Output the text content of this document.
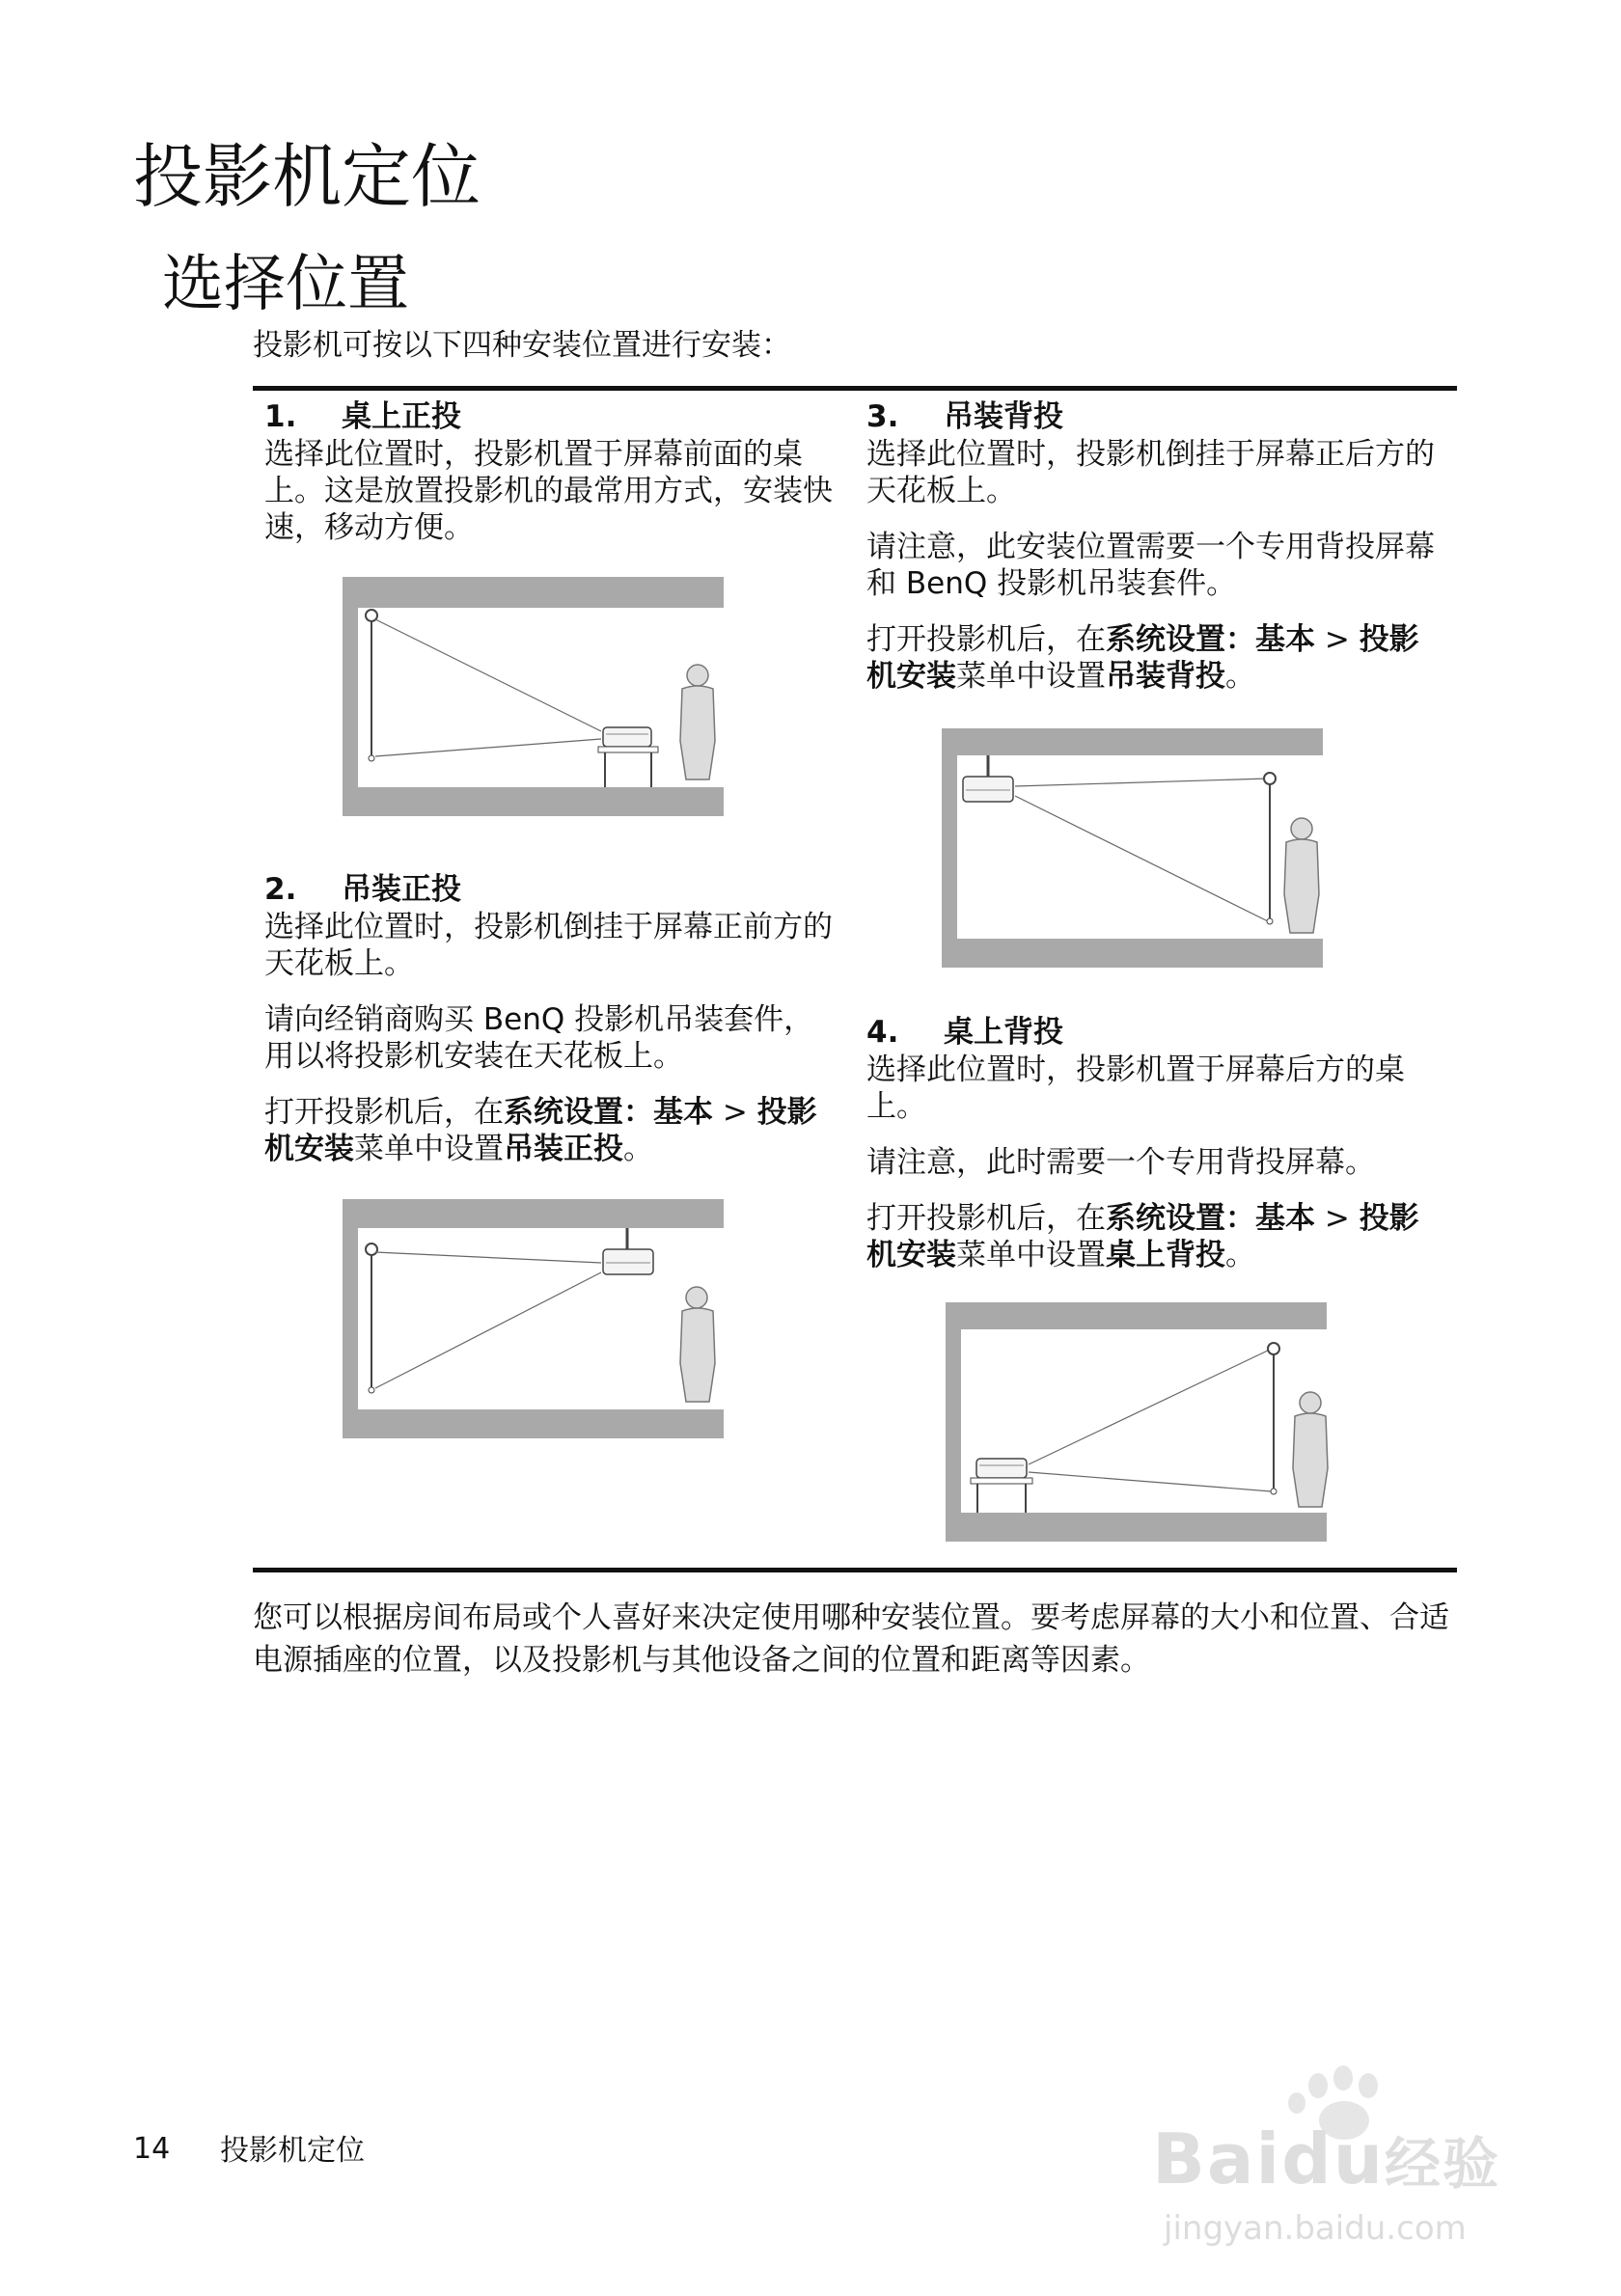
投影机定位
选择位置
投影机可按以下四种安装位置进行安装：
1. 桌上正投
选择此位置时，投影机置于屏幕前面的桌上。这是放置投影机的最常用方式，安装快速，移动方便。
2. 吊装正投
选择此位置时，投影机倒挂于屏幕正前方的天花板上。
请向经销商购买 BenQ 投影机吊装套件，用以将投影机安装在天花板上。
打开投影机后，在系统设置：基本 > 投影机安装菜单中设置吊装正投。
3. 吊装背投
选择此位置时，投影机倒挂于屏幕正后方的天花板上。
请注意，此安装位置需要一个专用背投屏幕和 BenQ 投影机吊装套件。
打开投影机后，在系统设置：基本 > 投影机安装菜单中设置吊装背投。
4. 桌上背投
选择此位置时，投影机置于屏幕后方的桌上。
请注意，此时需要一个专用背投屏幕。
打开投影机后，在系统设置：基本 > 投影机安装菜单中设置桌上背投。
您可以根据房间布局或个人喜好来决定使用哪种安装位置。要考虑屏幕的大小和位置、合适电源插座的位置，以及投影机与其他设备之间的位置和距离等因素。
14 投影机定位	Baidu经验
jingyan.baidu.com
